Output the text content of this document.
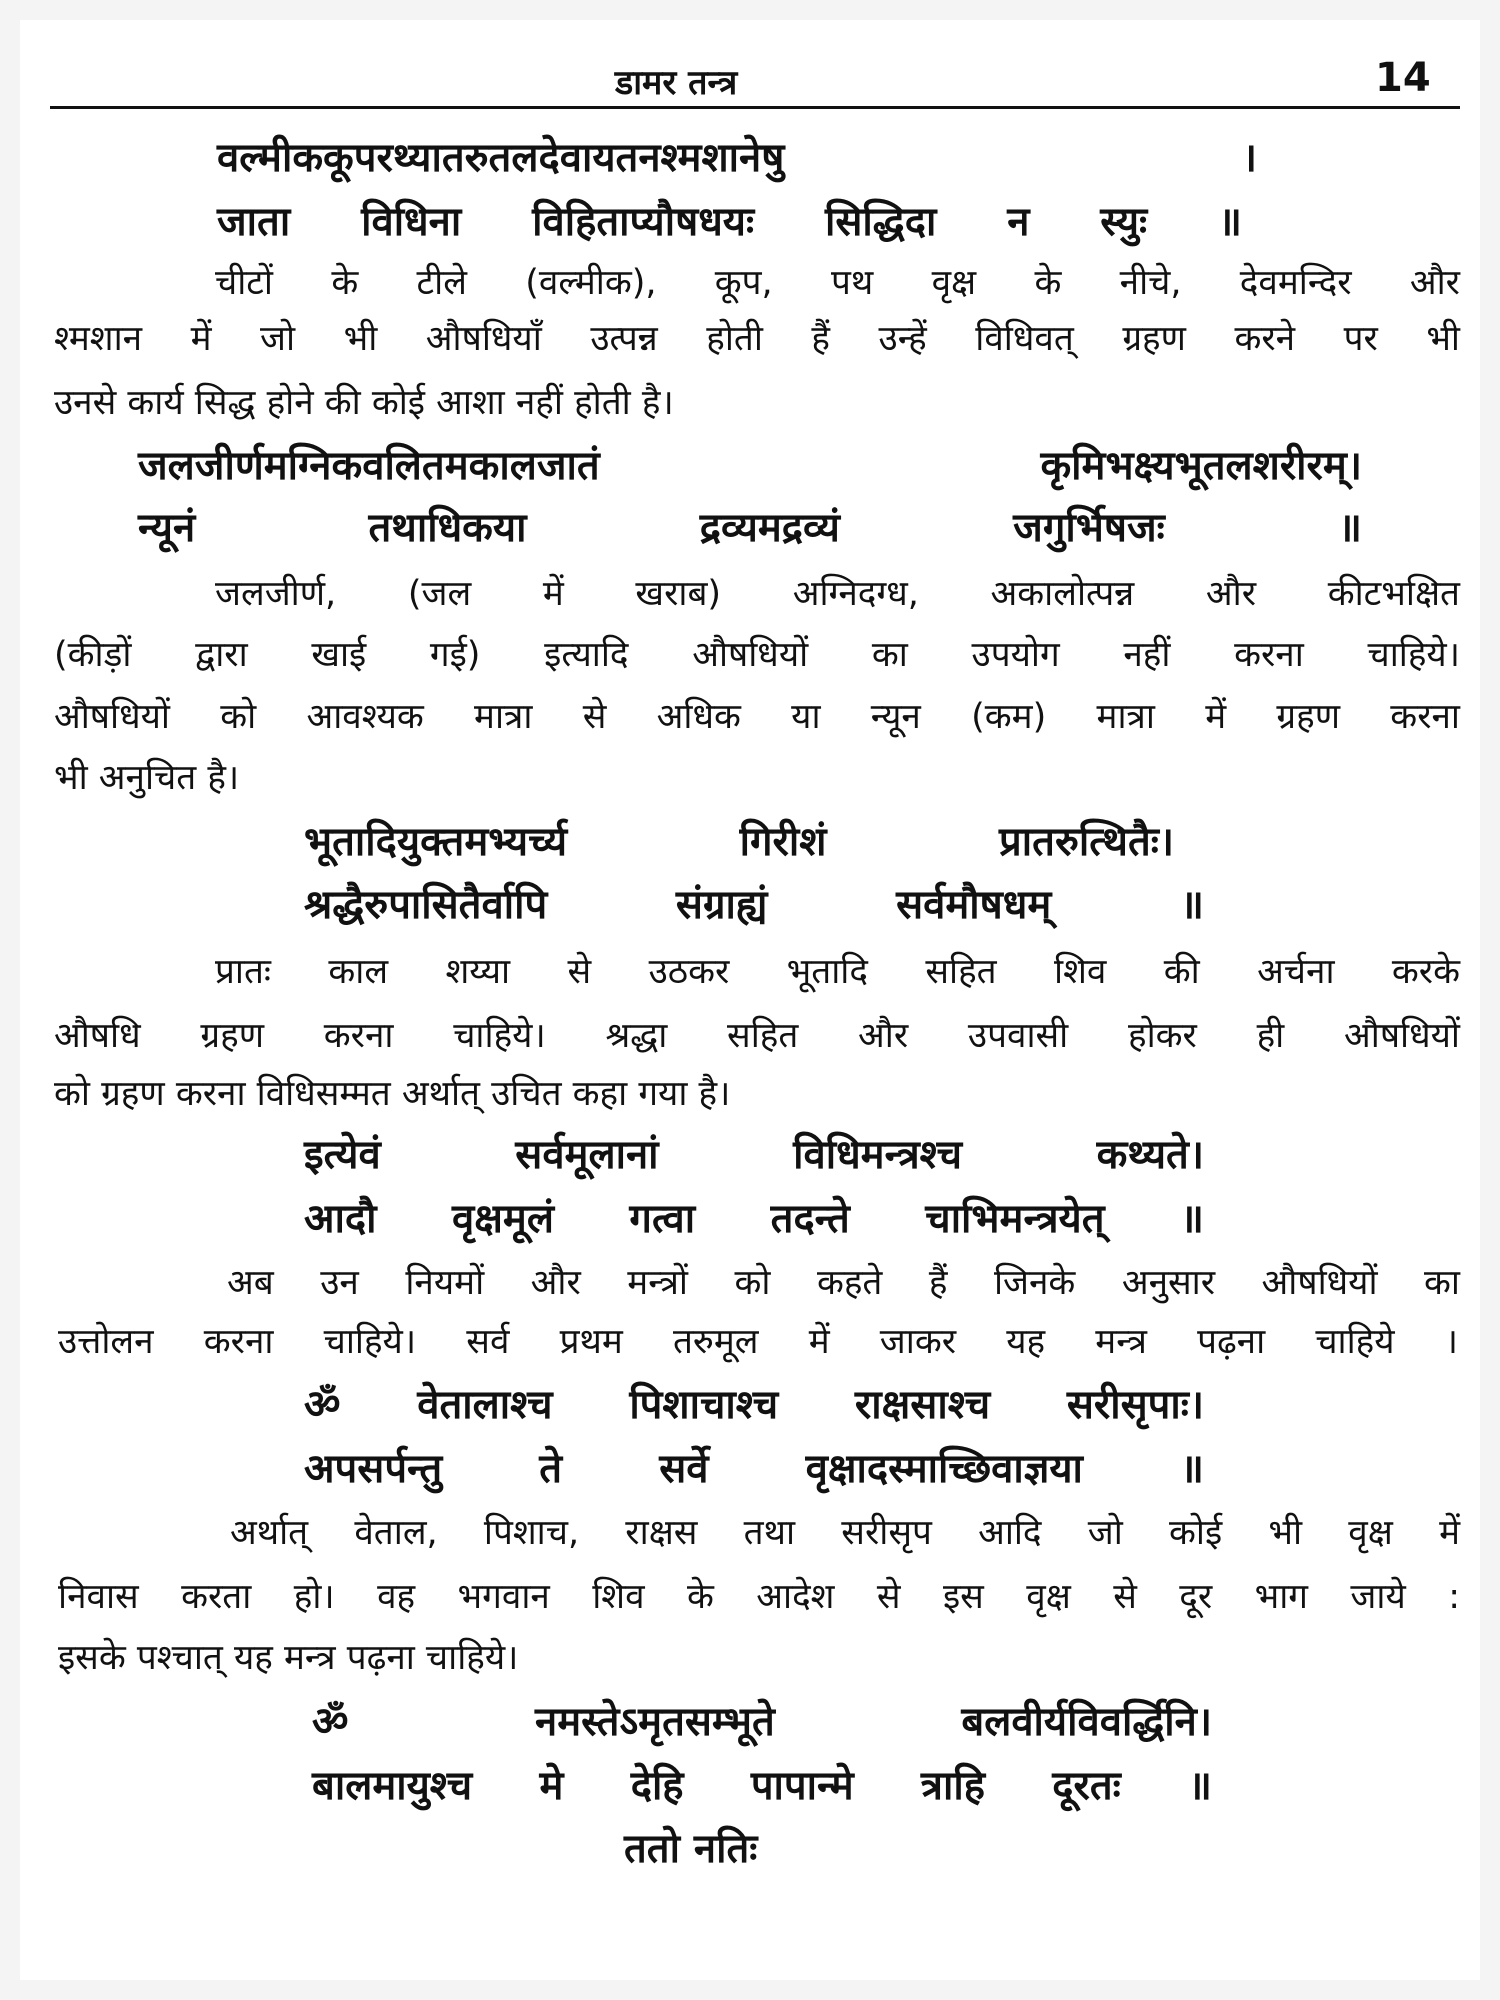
डामर तन्त्र	14
वल्मीककूपरथ्यातरुतलदेवायतनश्मशानेषु ।
जाता विधिना विहिताप्यौषधयः सिद्धिदा न स्युः ॥
चीटों के टीले (वल्मीक), कूप, पथ वृक्ष के नीचे, देवमन्दिर और
श्मशान में जो भी औषधियाँ उत्पन्न होती हैं उन्हें विधिवत् ग्रहण करने पर भी
उनसे कार्य सिद्ध होने की कोई आशा नहीं होती है।
जलजीर्णमग्निकवलितमकालजातं कृमिभक्ष्यभूतलशरीरम्।
न्यूनं तथाधिकया द्रव्यमद्रव्यं जगुर्भिषजः ॥
जलजीर्ण, (जल में खराब) अग्निदग्ध, अकालोत्पन्न और कीटभक्षित
(कीड़ों द्वारा खाई गई) इत्यादि औषधियों का उपयोग नहीं करना चाहिये।
औषधियों को आवश्यक मात्रा से अधिक या न्यून (कम) मात्रा में ग्रहण करना
भी अनुचित है।
भूतादियुक्तमभ्यर्च्य गिरीशं प्रातरुत्थितैः।
श्रद्धैरुपासितैर्वापि संग्राह्यं सर्वमौषधम् ॥
प्रातः काल शय्या से उठकर भूतादि सहित शिव की अर्चना करके
औषधि ग्रहण करना चाहिये। श्रद्धा सहित और उपवासी होकर ही औषधियों
को ग्रहण करना विधिसम्मत अर्थात् उचित कहा गया है।
इत्येवं सर्वमूलानां विधिमन्त्रश्च कथ्यते।
आदौ वृक्षमूलं गत्वा तदन्ते चाभिमन्त्रयेत् ॥
अब उन नियमों और मन्त्रों को कहते हैं जिनके अनुसार औषधियों का
उत्तोलन करना चाहिये। सर्व प्रथम तरुमूल में जाकर यह मन्त्र पढ़ना चाहिये ।
ॐ वेतालाश्च पिशाचाश्च राक्षसाश्च सरीसृपाः।
अपसर्पन्तु ते सर्वे वृक्षादस्माच्छिवाज्ञया ॥
अर्थात् वेताल, पिशाच, राक्षस तथा सरीसृप आदि जो कोई भी वृक्ष में
निवास करता हो। वह भगवान शिव के आदेश से इस वृक्ष से दूर भाग जाये :
इसके पश्चात् यह मन्त्र पढ़ना चाहिये।
ॐ नमस्तेऽमृतसम्भूते बलवीर्यविवर्द्धिनि।
बालमायुश्च मे देहि पापान्मे त्राहि दूरतः ॥
ततो नतिः
